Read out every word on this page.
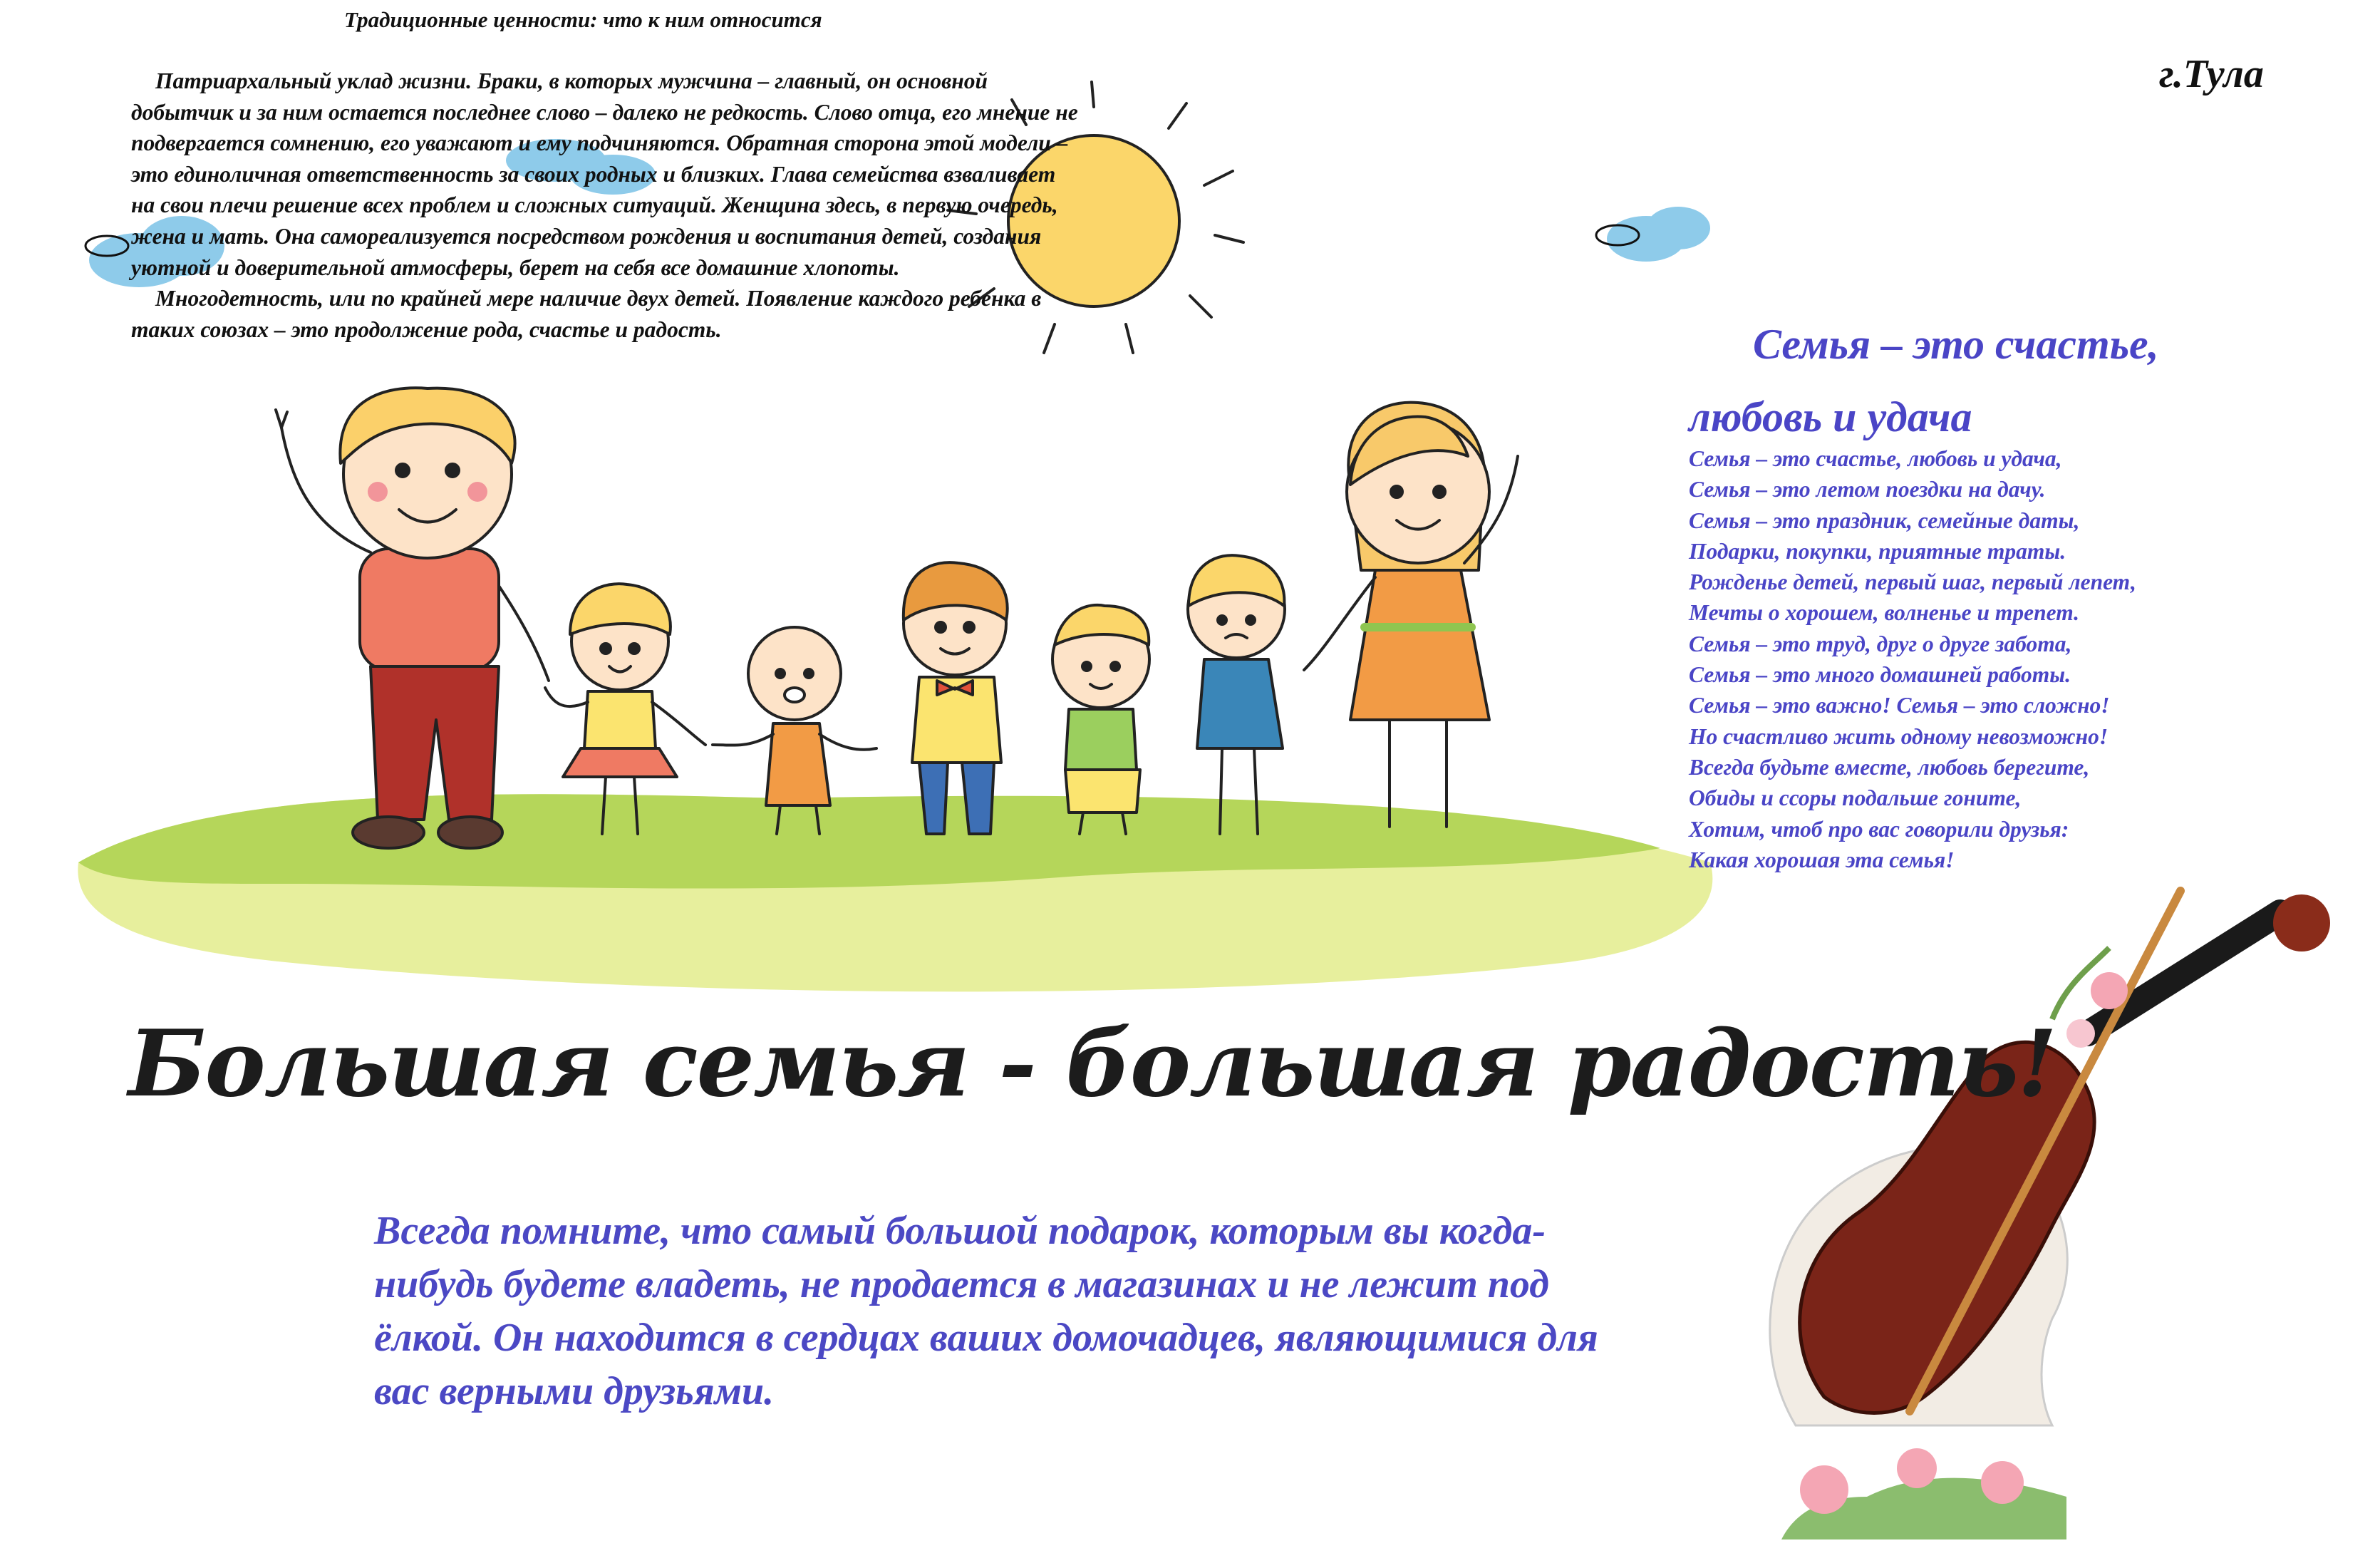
Традиционные ценности: что к ним относится

Патриархальный уклад жизни. Браки, в которых мужчина – главный, он основной добытчик и за ним остается последнее слово – далеко не редкость. Слово отца, его мнение не подвергается сомнению, его уважают и ему подчиняются. Обратная сторона этой модели – это единоличная ответственность за своих родных и близких. Глава семейства взваливает на свои плечи решение всех проблем и сложных ситуаций. Женщина здесь, в первую очередь, жена и мать. Она самореализуется посредством рождения и воспитания детей, создания уютной и доверительной атмосферы, берет на себя все домашние хлопоты.

Многодетность, или по крайней мере наличие двух детей. Появление каждого ребенка в таких союзах – это продолжение рода, счастье и радость.

г.Тула
Семья – это счастье,
любовь и удача
Семья – это счастье, любовь и удача,
Семья – это летом поездки на дачу.
Семья – это праздник, семейные даты,
Подарки, покупки, приятные траты.
Рожденье детей, первый шаг, первый лепет,
Мечты о хорошем, волненье и трепет.
Семья – это труд, друг о друге забота,
Семья – это много домашней работы.
Семья – это важно! Семья – это сложно!
Но счастливо жить одному невозможно!
Всегда будьте вместе, любовь берегите,
Обиды и ссоры подальше гоните,
Хотим, чтоб про вас говорили друзья:
Какая хорошая эта семья!
Большая семья - большая радость!
Всегда помните, что самый большой подарок, которым вы когда-нибудь будете владеть, не продается в магазинах и не лежит под ёлкой. Он находится в сердцах ваших домочадцев, являющимися для вас верными друзьями.
